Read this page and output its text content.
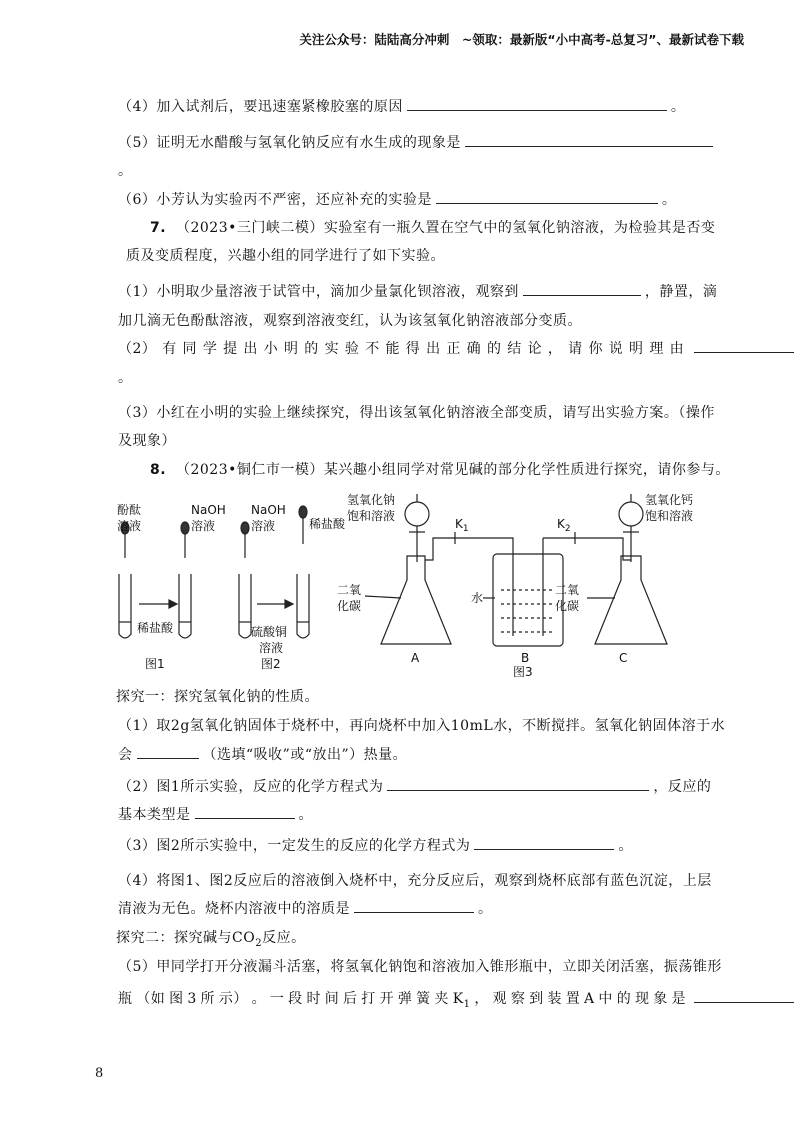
关注公众号：陆陆高分冲刺　~领取：最新版“小中高考-总复习”、最新试卷下载
（4）加入试剂后，要迅速塞紧橡胶塞的原因	。
（5）证明无水醋酸与氢氧化钠反应有水生成的现象是
。
（6）小芳认为实验丙不严密，还应补充的实验是	。
7. （2023•三门峡二模）实验室有一瓶久置在空气中的氢氧化钠溶液，为检验其是否变
质及变质程度，兴趣小组的同学进行了如下实验。
（1）小明取少量溶液于试管中，滴加少量氯化钡溶液，观察到	，静置，滴
加几滴无色酚酞溶液，观察到溶液变红，认为该氢氧化钠溶液部分变质。
（2） 有 同 学 提 出 小 明 的 实 验 不 能 得 出 正 确 的 结 论 ， 请 你 说 明 理 由
。
（3）小红在小明的实验上继续探究，得出该氢氧化钠溶液全部变质，请写出实验方案。（操作
及现象）
8. （2023•铜仁市一模）某兴趣小组同学对常见碱的部分化学性质进行探究，请你参与。
酚酞
溶液
NaOH
溶液
NaOH
溶液	稀盐酸
稀盐酸	硫酸铜
溶液
图1	图2
氢氧化钠
饱和溶液
氢氧化钙
饱和溶液
$K_1$	$K_2$
二氧
化碳
水
二氧
化碳
A	B	C
图3
探究一：探究氢氧化钠的性质。
（1）取2g氢氧化钠固体于烧杯中，再向烧杯中加入10mL水，不断搅拌。氢氧化钠固体溶于水
会	（选填“吸收”或“放出”）热量。
（2）图1所示实验，反应的化学方程式为	，反应的
基本类型是	。
（3）图2所示实验中，一定发生的反应的化学方程式为	。
（4）将图1、图2反应后的溶液倒入烧杯中，充分反应后，观察到烧杯底部有蓝色沉淀，上层
清液为无色。烧杯内溶液中的溶质是	。
探究二：探究碱与$CO_2$反应。
（5）甲同学打开分液漏斗活塞，将氢氧化钠饱和溶液加入锥形瓶中，立即关闭活塞，振荡锥形
瓶 （如 图 3 所 示） 。 一 段 时 间 后 打 开 弹 簧 夹 $K_1$ ， 观 察 到 装 置 A 中 的 现 象 是
8
